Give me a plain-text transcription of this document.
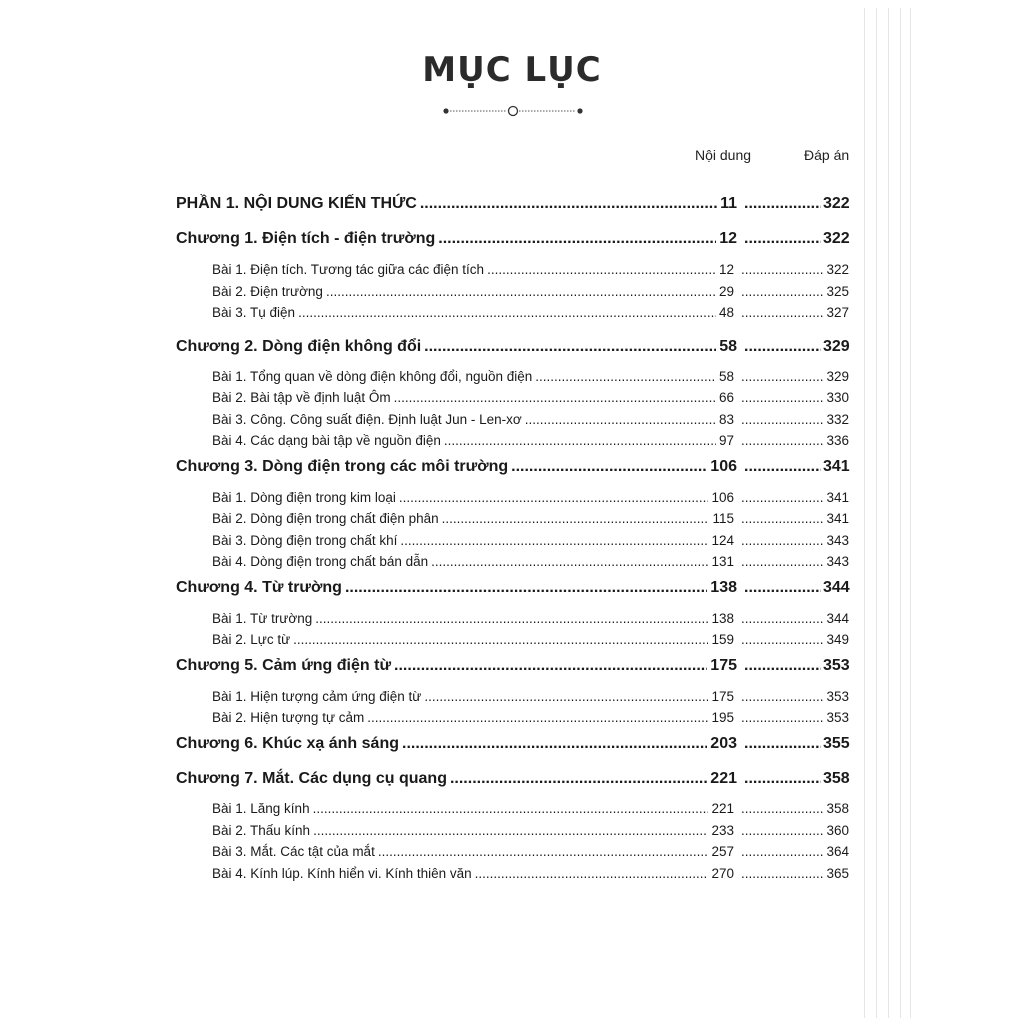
MỤC LỤC
Nội dung	Đáp án
PHẦN 1. NỘI DUNG KIẾN THỨC .....	11 .....	322
Chương 1. Điện tích - điện trường .....	12 .....	322
Bài 1. Điện tích. Tương tác giữa các điện tích .....	12 .....	322
Bài 2. Điện trường .....	29 .....	325
Bài 3. Tụ điện .....	48 .....	327
Chương 2. Dòng điện không đổi .....	58 .....	329
Bài 1. Tổng quan về dòng điện không đổi, nguồn điện .....	58 .....	329
Bài 2. Bài tập về định luật Ôm .....	66 .....	330
Bài 3. Công. Công suất điện. Định luật Jun - Len-xơ .....	83 .....	332
Bài 4. Các dạng bài tập về nguồn điện .....	97 .....	336
Chương 3. Dòng điện trong các môi trường .....	106 .....	341
Bài 1. Dòng điện trong kim loại .....	106 .....	341
Bài 2. Dòng điện trong chất điện phân .....	115 .....	341
Bài 3. Dòng điện trong chất khí .....	124 .....	343
Bài 4. Dòng điện trong chất bán dẫn .....	131 .....	343
Chương 4. Từ trường .....	138 .....	344
Bài 1. Từ trường .....	138 .....	344
Bài 2. Lực từ .....	159 .....	349
Chương 5. Cảm ứng điện từ .....	175 .....	353
Bài 1. Hiện tượng cảm ứng điện từ .....	175 .....	353
Bài 2. Hiện tượng tự cảm .....	195 .....	353
Chương 6. Khúc xạ ánh sáng .....	203 .....	355
Chương 7. Mắt. Các dụng cụ quang .....	221 .....	358
Bài 1. Lăng kính .....	221 .....	358
Bài 2. Thấu kính .....	233 .....	360
Bài 3. Mắt. Các tật của mắt .....	257 .....	364
Bài 4. Kính lúp. Kính hiển vi. Kính thiên văn .....	270 .....	365
